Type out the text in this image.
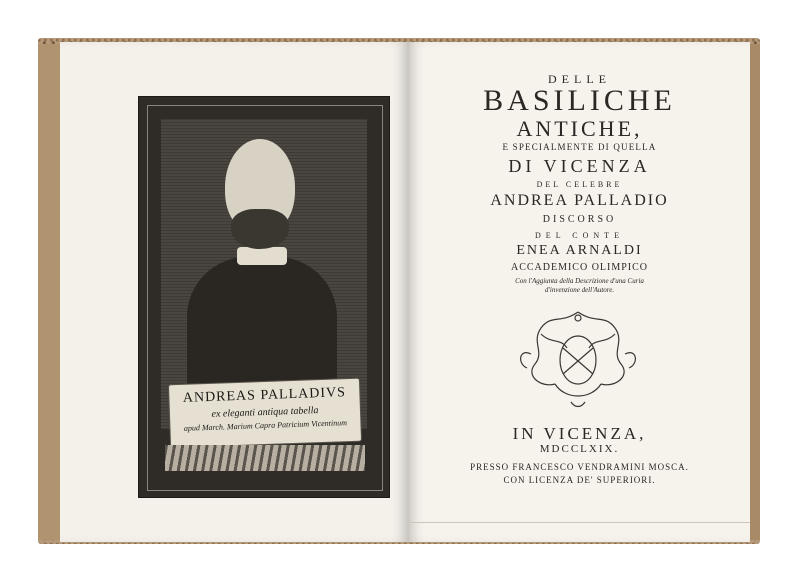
ANDREAS PALLADIVS
ex eleganti antiqua tabella
apud March. Marium Capra Patricium Vicentinum
DELLE
BASILICHE
ANTICHE,
E SPECIALMENTE DI QUELLA
DI VICENZA
DEL CELEBRE
ANDREA PALLADIO
DISCORSO
DEL CONTE
ENEA ARNALDI
ACCADEMICO OLIMPICO
Con l'Aggiunta della Descrizione d'una Curia
d'invenzione dell'Autore.
IN VICENZA,
MDCCLXIX.
PRESSO FRANCESCO VENDRAMINI MOSCA.
CON LICENZA DE' SUPERIORI.
